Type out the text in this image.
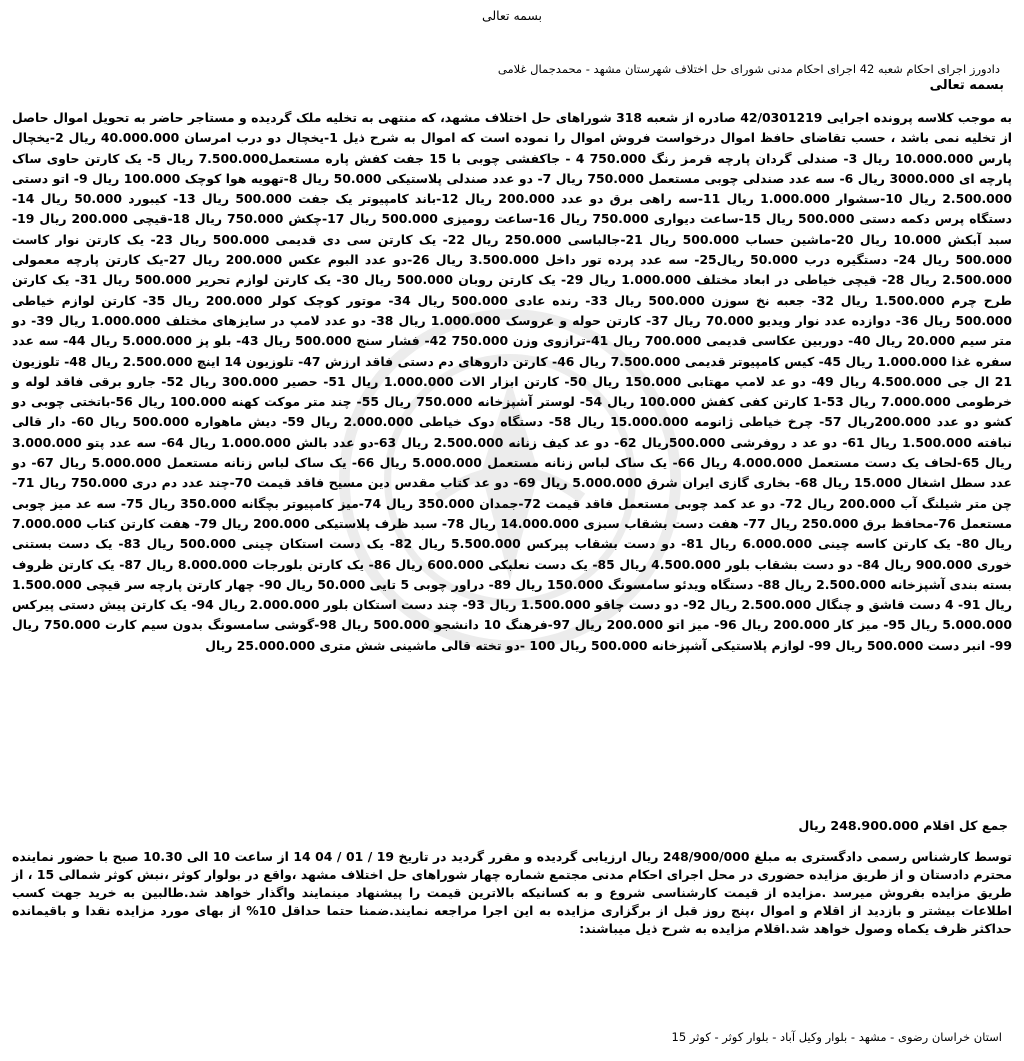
بسمه تعالی
دادورز اجرای احکام شعبه 42 اجرای احکام مدنی شورای حل اختلاف شهرستان مشهد - محمدجمال غلامی
بسمه تعالی

به موجب کلاسه پرونده اجرایی 42/0301219 صادره از شعبه 318 شوراهای حل اختلاف مشهد، که منتهی به تخلیه ملک گردیده و مستاجر حاضر به تحویل اموال حاصل از تخلیه نمی باشد ، حسب تقاضای حافظ اموال درخواست فروش اموال را نموده است که اموال به شرح ذیل 1-یخچال دو درب امرسان 40.000.000 ریال 2-یخچال پارس 10.000.000 ریال 3- صندلی گردان پارچه قرمز رنگ 750.000 4 - جاکفشی چوبی با 15 جفت کفش پاره مستعمل7.500.000 ریال 5- یک کارتن حاوی ساک پارچه ای 3000.000 ریال 6- سه عدد صندلی چوبی مستعمل 750.000 ریال 7- دو عدد صندلی پلاستیکی 50.000 ریال 8-تهویه هوا کوچک 100.000 ریال 9- اتو دستی 2.500.000 ریال 10-سشوار 1.000.000 ریال 11-سه راهی برق دو عدد 200.000 ریال 12-باند کامپیوتر یک جفت 500.000 ریال 13- کیبورد 50.000 ریال 14- دستگاه پرس دکمه دستی 500.000 ریال 15-ساعت دیواری 750.000 ریال 16-ساعت رومیزی 500.000 ریال 17-چکش 750.000 ریال 18-قیچی 200.000 ریال 19- سبد آبکش 10.000 ریال 20-ماشین حساب 500.000 ریال 21-جالباسی 250.000 ریال 22- یک کارتن سی دی قدیمی 500.000 ریال 23- یک کارتن نوار کاست 500.000 ریال 24- دستگیره درب 50.000 ریال25- سه عدد پرده تور داخل 3.500.000 ریال 26-دو عدد البوم عکس 200.000 ریال 27-یک کارتن پارچه معمولی 2.500.000 ریال 28- قیچی خیاطی در ابعاد مختلف 1.000.000 ریال 29- یک کارتن روبان 500.000 ریال 30- یک کارتن لوازم تحریر 500.000 ریال 31- یک کارتن طرح چرم 1.500.000 ریال 32- جعبه نخ سوزن 500.000 ریال 33- رنده عادی 500.000 ریال 34- موتور کوچک کولر 200.000 ریال 35- کارتن لوازم خیاطی 500.000 ریال 36- دوازده عدد نوار ویدیو 70.000 ریال 37- کارتن حوله و عروسک 1.000.000 ریال 38- دو عدد لامپ در سایزهای مختلف 1.000.000 ریال 39- دو متر سیم 20.000 ریال 40- دوربین عکاسی قدیمی 700.000 ریال 41-ترازوی وزن 750.000 42- فشار سنج 500.000 ریال 43- بلو پز 5.000.000 ریال 44- سه عدد سفره غذا 1.000.000 ریال 45- کیس کامپیوتر قدیمی 7.500.000 ریال 46- کارتن داروهای دم دستی فاقد ارزش 47- تلوزیون 14 اینچ 2.500.000 ریال 48- تلوزیون 21 ال جی 4.500.000 ریال 49- دو عد لامپ مهتابی 150.000 ریال 50- کارتن ابزار الات 1.000.000 ریال 51- حصیر 300.000 ریال 52- جارو برقی فاقد لوله و خرطومی 7.000.000 ریال 53-1 کارتن کفی کفش 100.000 ریال 54- لوستر آشپزخانه 750.000 ریال 55- چند متر موکت کهنه 100.000 ریال 56-باتختی چوبی دو کشو دو عدد 200.000ریال 57- چرخ خیاطی ژانومه 15.000.000 ریال 58- دستگاه دوک خیاطی 2.000.000 ریال 59- دیش ماهواره 500.000 ریال 60- دار قالی نبافته 1.500.000 ریال 61- دو عد د روفرشی 500.000ریال 62- دو عد کیف زنانه 2.500.000 ریال 63-دو عدد بالش 1.000.000 ریال 64- سه عدد پتو 3.000.000 ریال 65-لحاف یک دست مستعمل 4.000.000 ریال 66- یک ساک لباس زنانه مستعمل 5.000.000 ریال 66- یک ساک لباس زنانه مستعمل 5.000.000 ریال 67- دو عدد سطل اشغال 15.000 ریال 68- بخاری گازی ایران شرق 5.000.000 ریال 69- دو عد کتاب مقدس دین مسیح فاقد قیمت 70-چند عدد دم دری 750.000 ریال 71- چن متر شیلنگ آب 200.000 ریال 72- دو عد کمد چوبی مستعمل فاقد قیمت 72-جمدان 350.000 ریال 74-میز کامپیوتر بچگانه 350.000 ریال 75- سه عد میز چوبی مستعمل 76-محافظ برق 250.000 ریال 77- هفت دست بشقاب سبزی 14.000.000 ریال 78- سبد ظرف پلاستیکی 200.000 ریال 79- هفت کارتن کتاب 7.000.000 ریال 80- یک کارتن کاسه چینی 6.000.000 ریال 81- دو دست بشقاب پیرکس 5.500.000 ریال 82- یک دست استکان چینی 500.000 ریال 83- یک دست بستنی خوری 900.000 ریال 84- دو دست بشقاب بلور 4.500.000 ریال 85- یک دست نعلبکی 600.000 ریال 86- یک کارتن بلورجات 8.000.000 ریال 87- یک کارتن ظروف بسته بندی آشپزخانه 2.500.000 ریال 88- دستگاه ویدئو سامسونگ 150.000 ریال 89- دراور چوبی 5 تایی 50.000 ریال 90- چهار کارتن پارچه سر قیچی 1.500.000 ریال 91- 4 دست قاشق و چنگال 2.500.000 ریال 92- دو دست چاقو 1.500.000 ریال 93- چند دست استکان بلور 2.000.000 ریال 94- یک کارتن پیش دستی پیرکس 5.000.000 ریال 95- میز کار 200.000 ریال 96- میز اتو 200.000 ریال 97-فرهنگ 10 دانشجو 500.000 ریال 98-گوشی سامسونگ بدون سیم کارت 750.000 ریال 99- انبر دست 500.000 ریال 99- لوازم پلاستیکی آشپزخانه 500.000 ریال 100 -دو تخته قالی ماشینی شش متری 25.000.000 ریال

جمع کل اقلام 248.900.000 ریال
توسط کارشناس رسمی دادگستری به مبلغ 248/900/000 ریال ارزیابی گردیده و مقرر گردید در تاریخ 19 / 01 / 04 14 از ساعت 10 الی 10.30 صبح با حضور نماینده محترم دادستان و از طریق مزایده حضوری در محل اجرای احکام مدنی مجتمع شماره چهار شوراهای حل اختلاف مشهد ،واقع در بولوار کوثر ،نبش کوثر شمالی 15 ، از طریق مزایده بفروش میرسد .مزایده از قیمت کارشناسی شروع و به کسانیکه بالاترین قیمت را پیشنهاد مینمایند واگذار خواهد شد.طالبین به خرید جهت کسب اطلاعات بیشتر و بازدید از اقلام و اموال ،پنج روز قبل از برگزاری مزایده به این اجرا مراجعه نمایند.ضمنا حتما حداقل 10% از بهای مورد مزایده نقدا و باقیمانده حداکثر ظرف یکماه وصول خواهد شد.اقلام مزایده به شرح ذیل میباشند:
استان خراسان رضوی - مشهد - بلوار وکیل آباد - بلوار کوثر - کوثر 15
